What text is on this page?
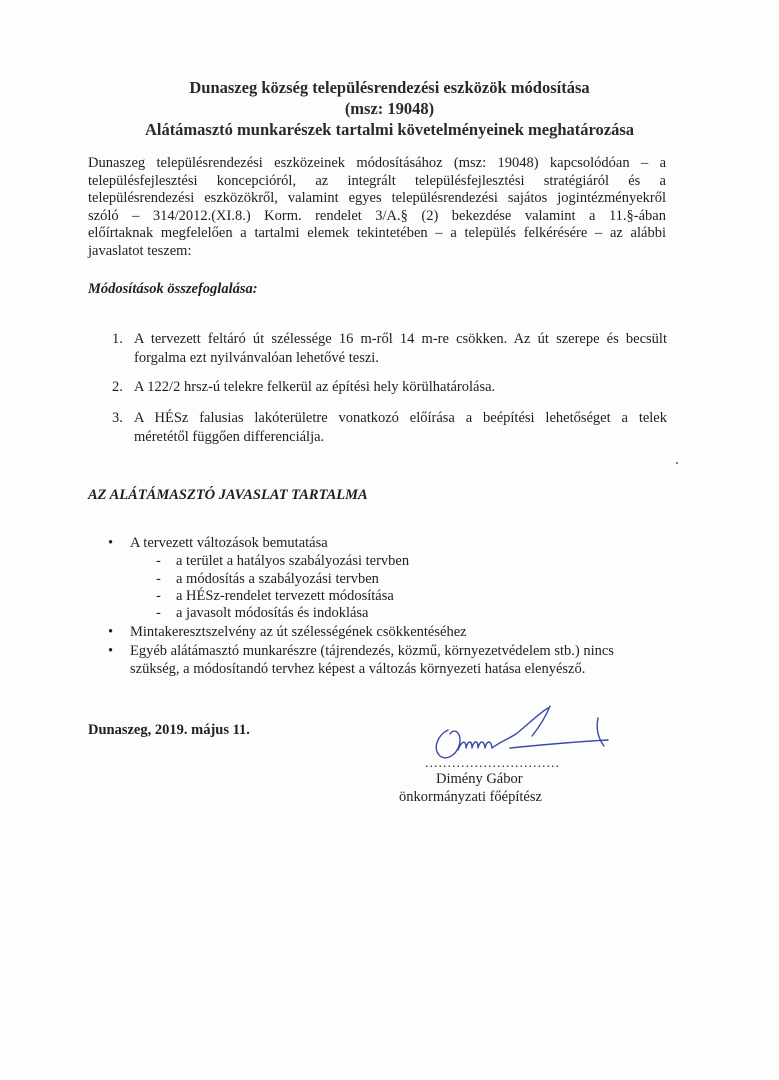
Dunaszeg község településrendezési eszközök módosítása
(msz: 19048)
Alátámasztó munkarészek tartalmi követelményeinek meghatározása
Dunaszeg településrendezési eszközeinek módosításához (msz: 19048) kapcsolódóan – a
településfejlesztési koncepcióról, az integrált településfejlesztési stratégiáról és a
településrendezési eszközökről, valamint egyes településrendezési sajátos jogintézményekről
szóló – 314/2012.(XI.8.) Korm. rendelet 3/A.§ (2) bekezdése valamint a 11.§-ában
előírtaknak megfelelően a tartalmi elemek tekintetében – a település felkérésére – az alábbi
javaslatot teszem:
Módosítások összefoglalása:
1. A tervezett feltáró út szélessége 16 m-ről 14 m-re csökken. Az út szerepe és becsült
forgalma ezt nyilvánvalóan lehetővé teszi.
2. A 122/2 hrsz-ú telekre felkerül az építési hely körülhatárolása.
3. A HÉSz falusias lakóterületre vonatkozó előírása a beépítési lehetőséget a telek
méretétől függően differenciálja.
AZ ALÁTÁMASZTÓ JAVASLAT TARTALMA
• A tervezett változások bemutatása
- a terület a hatályos szabályozási tervben
- a módosítás a szabályozási tervben
- a HÉSz-rendelet tervezett módosítása
- a javasolt módosítás és indoklása
• Mintakeresztszelvény az út szélességének csökkentéséhez
• Egyéb alátámasztó munkarészre (tájrendezés, közmű, környezetvédelem stb.) nincs
szükség, a módosítandó tervhez képest a változás környezeti hatása elenyésző.
Dunaszeg, 2019. május 11.
..............................
Dimény Gábor
önkormányzati főépítész
